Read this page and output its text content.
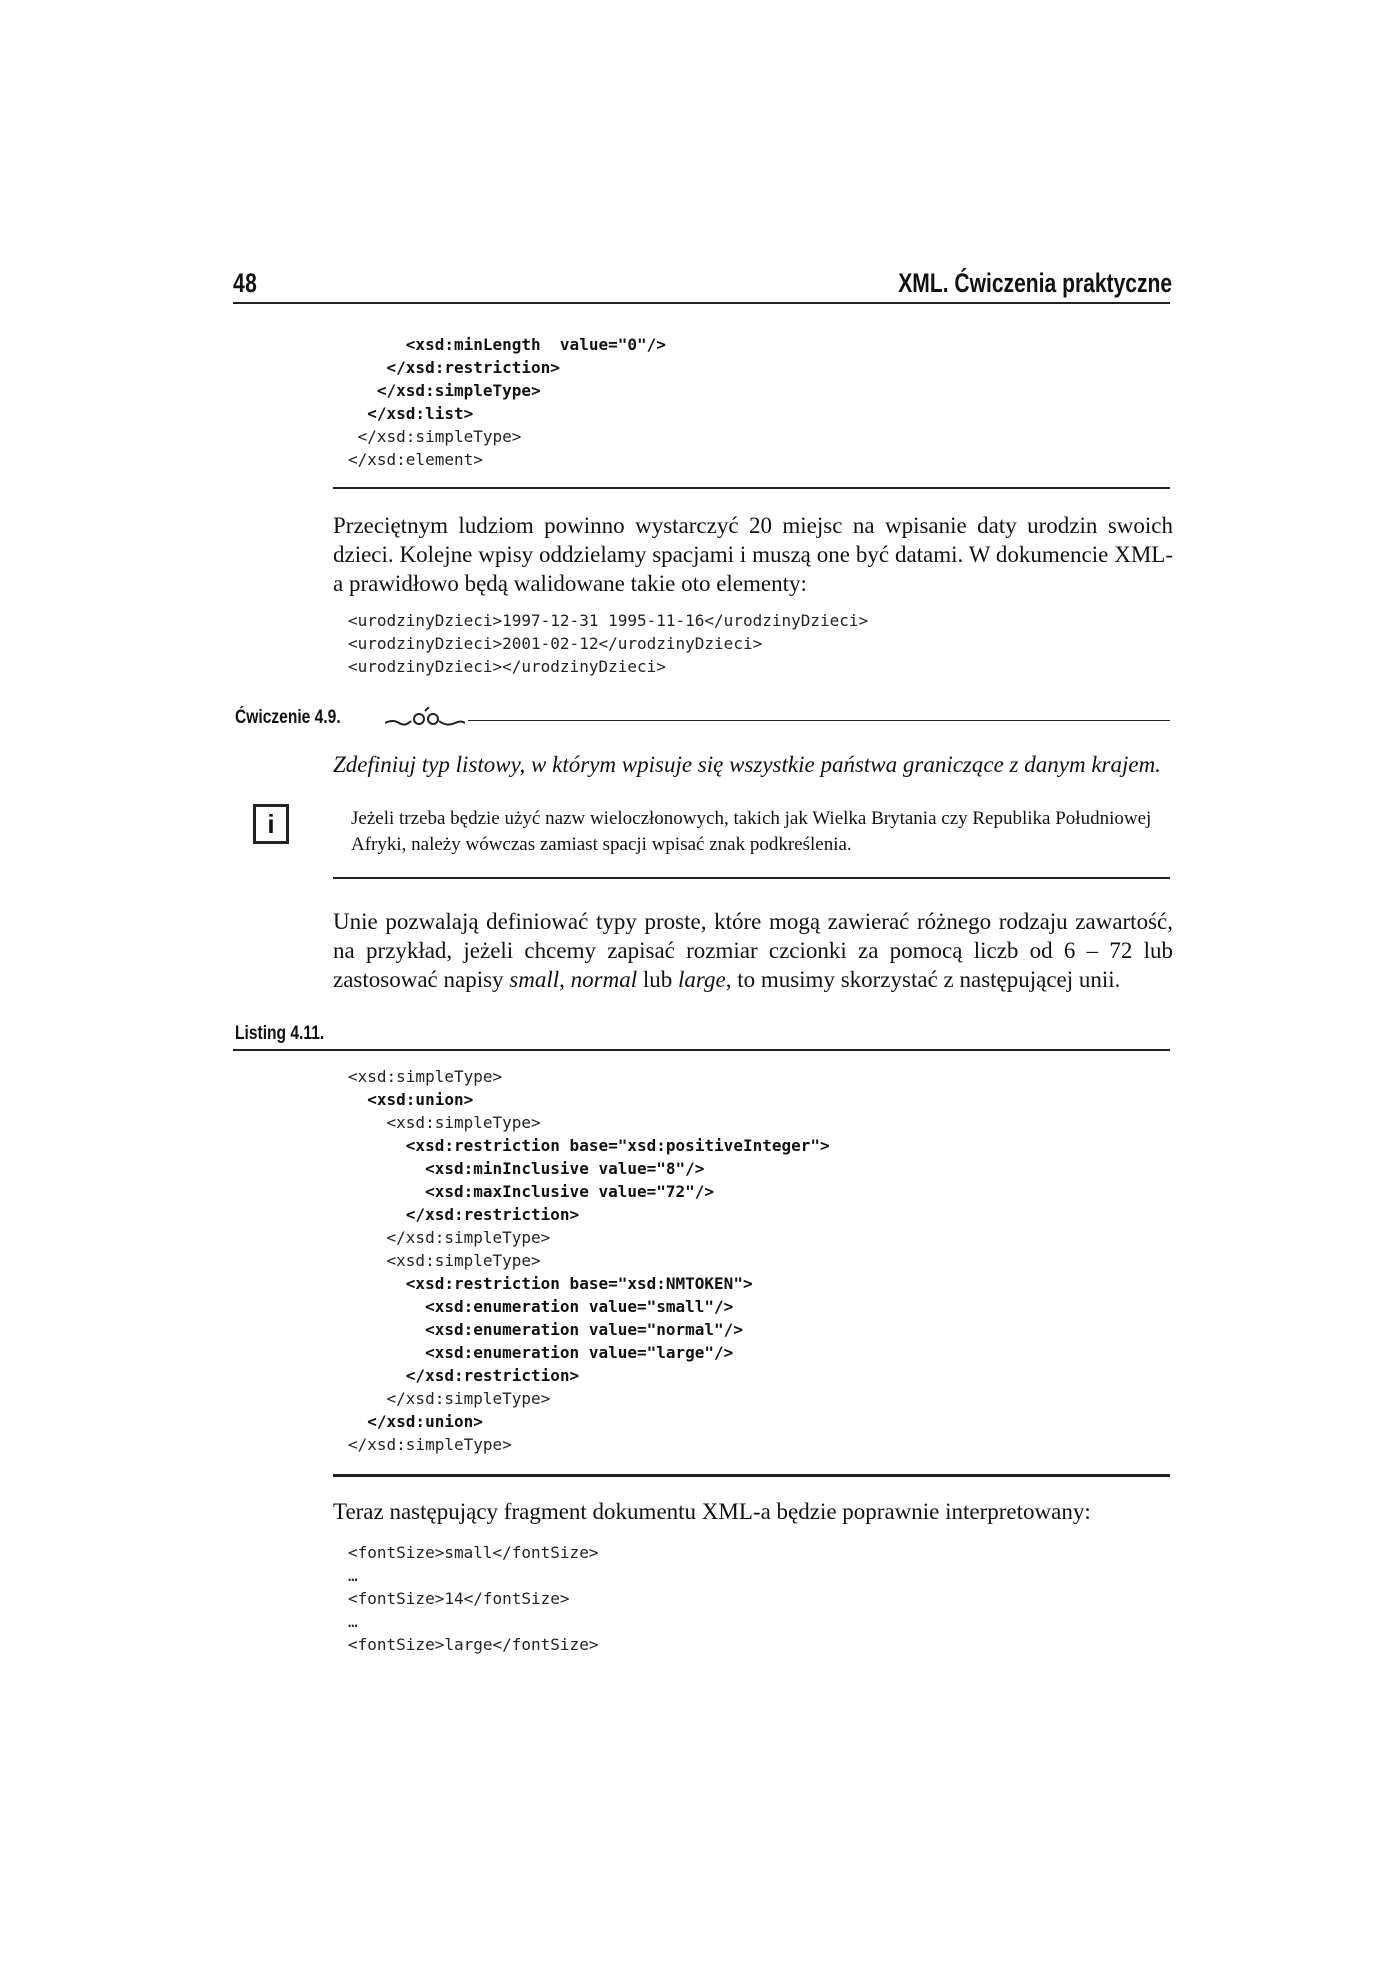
48	XML. Ćwiczenia praktyczne
<xsd:minLength  value="0"/>
</xsd:restriction>
</xsd:simpleType>
</xsd:list>
</xsd:simpleType>
</xsd:element>
Przeciętnym ludziom powinno wystarczyć 20 miejsc na wpisanie daty urodzin swoich dzieci. Kolejne wpisy oddzielamy spacjami i muszą one być datami. W dokumencie XML-a prawidłowo będą walidowane takie oto elementy:
<urodzinyDzieci>1997-12-31 1995-11-16</urodzinyDzieci>
<urodzinyDzieci>2001-02-12</urodzinyDzieci>
<urodzinyDzieci></urodzinyDzieci>
Ćwiczenie 4.9.
Zdefiniuj typ listowy, w którym wpisuje się wszystkie państwa graniczące z danym krajem.
i	Jeżeli trzeba będzie użyć nazw wieloczłonowych, takich jak Wielka Brytania czy Republika Południowej Afryki, należy wówczas zamiast spacji wpisać znak podkreślenia.
Unie pozwalają definiować typy proste, które mogą zawierać różnego rodzaju zawartość, na przykład, jeżeli chcemy zapisać rozmiar czcionki za pomocą liczb od 6 – 72 lub zastosować napisy small, normal lub large, to musimy skorzystać z następującej unii.
Listing 4.11.
<xsd:simpleType>
<xsd:union>
<xsd:simpleType>
<xsd:restriction base="xsd:positiveInteger">
<xsd:minInclusive value="8"/>
<xsd:maxInclusive value="72"/>
</xsd:restriction>
</xsd:simpleType>
<xsd:simpleType>
<xsd:restriction base="xsd:NMTOKEN">
<xsd:enumeration value="small"/>
<xsd:enumeration value="normal"/>
<xsd:enumeration value="large"/>
</xsd:restriction>
</xsd:simpleType>
</xsd:union>
</xsd:simpleType>
Teraz następujący fragment dokumentu XML-a będzie poprawnie interpretowany:
<fontSize>small</fontSize>
…
<fontSize>14</fontSize>
…
<fontSize>large</fontSize>
